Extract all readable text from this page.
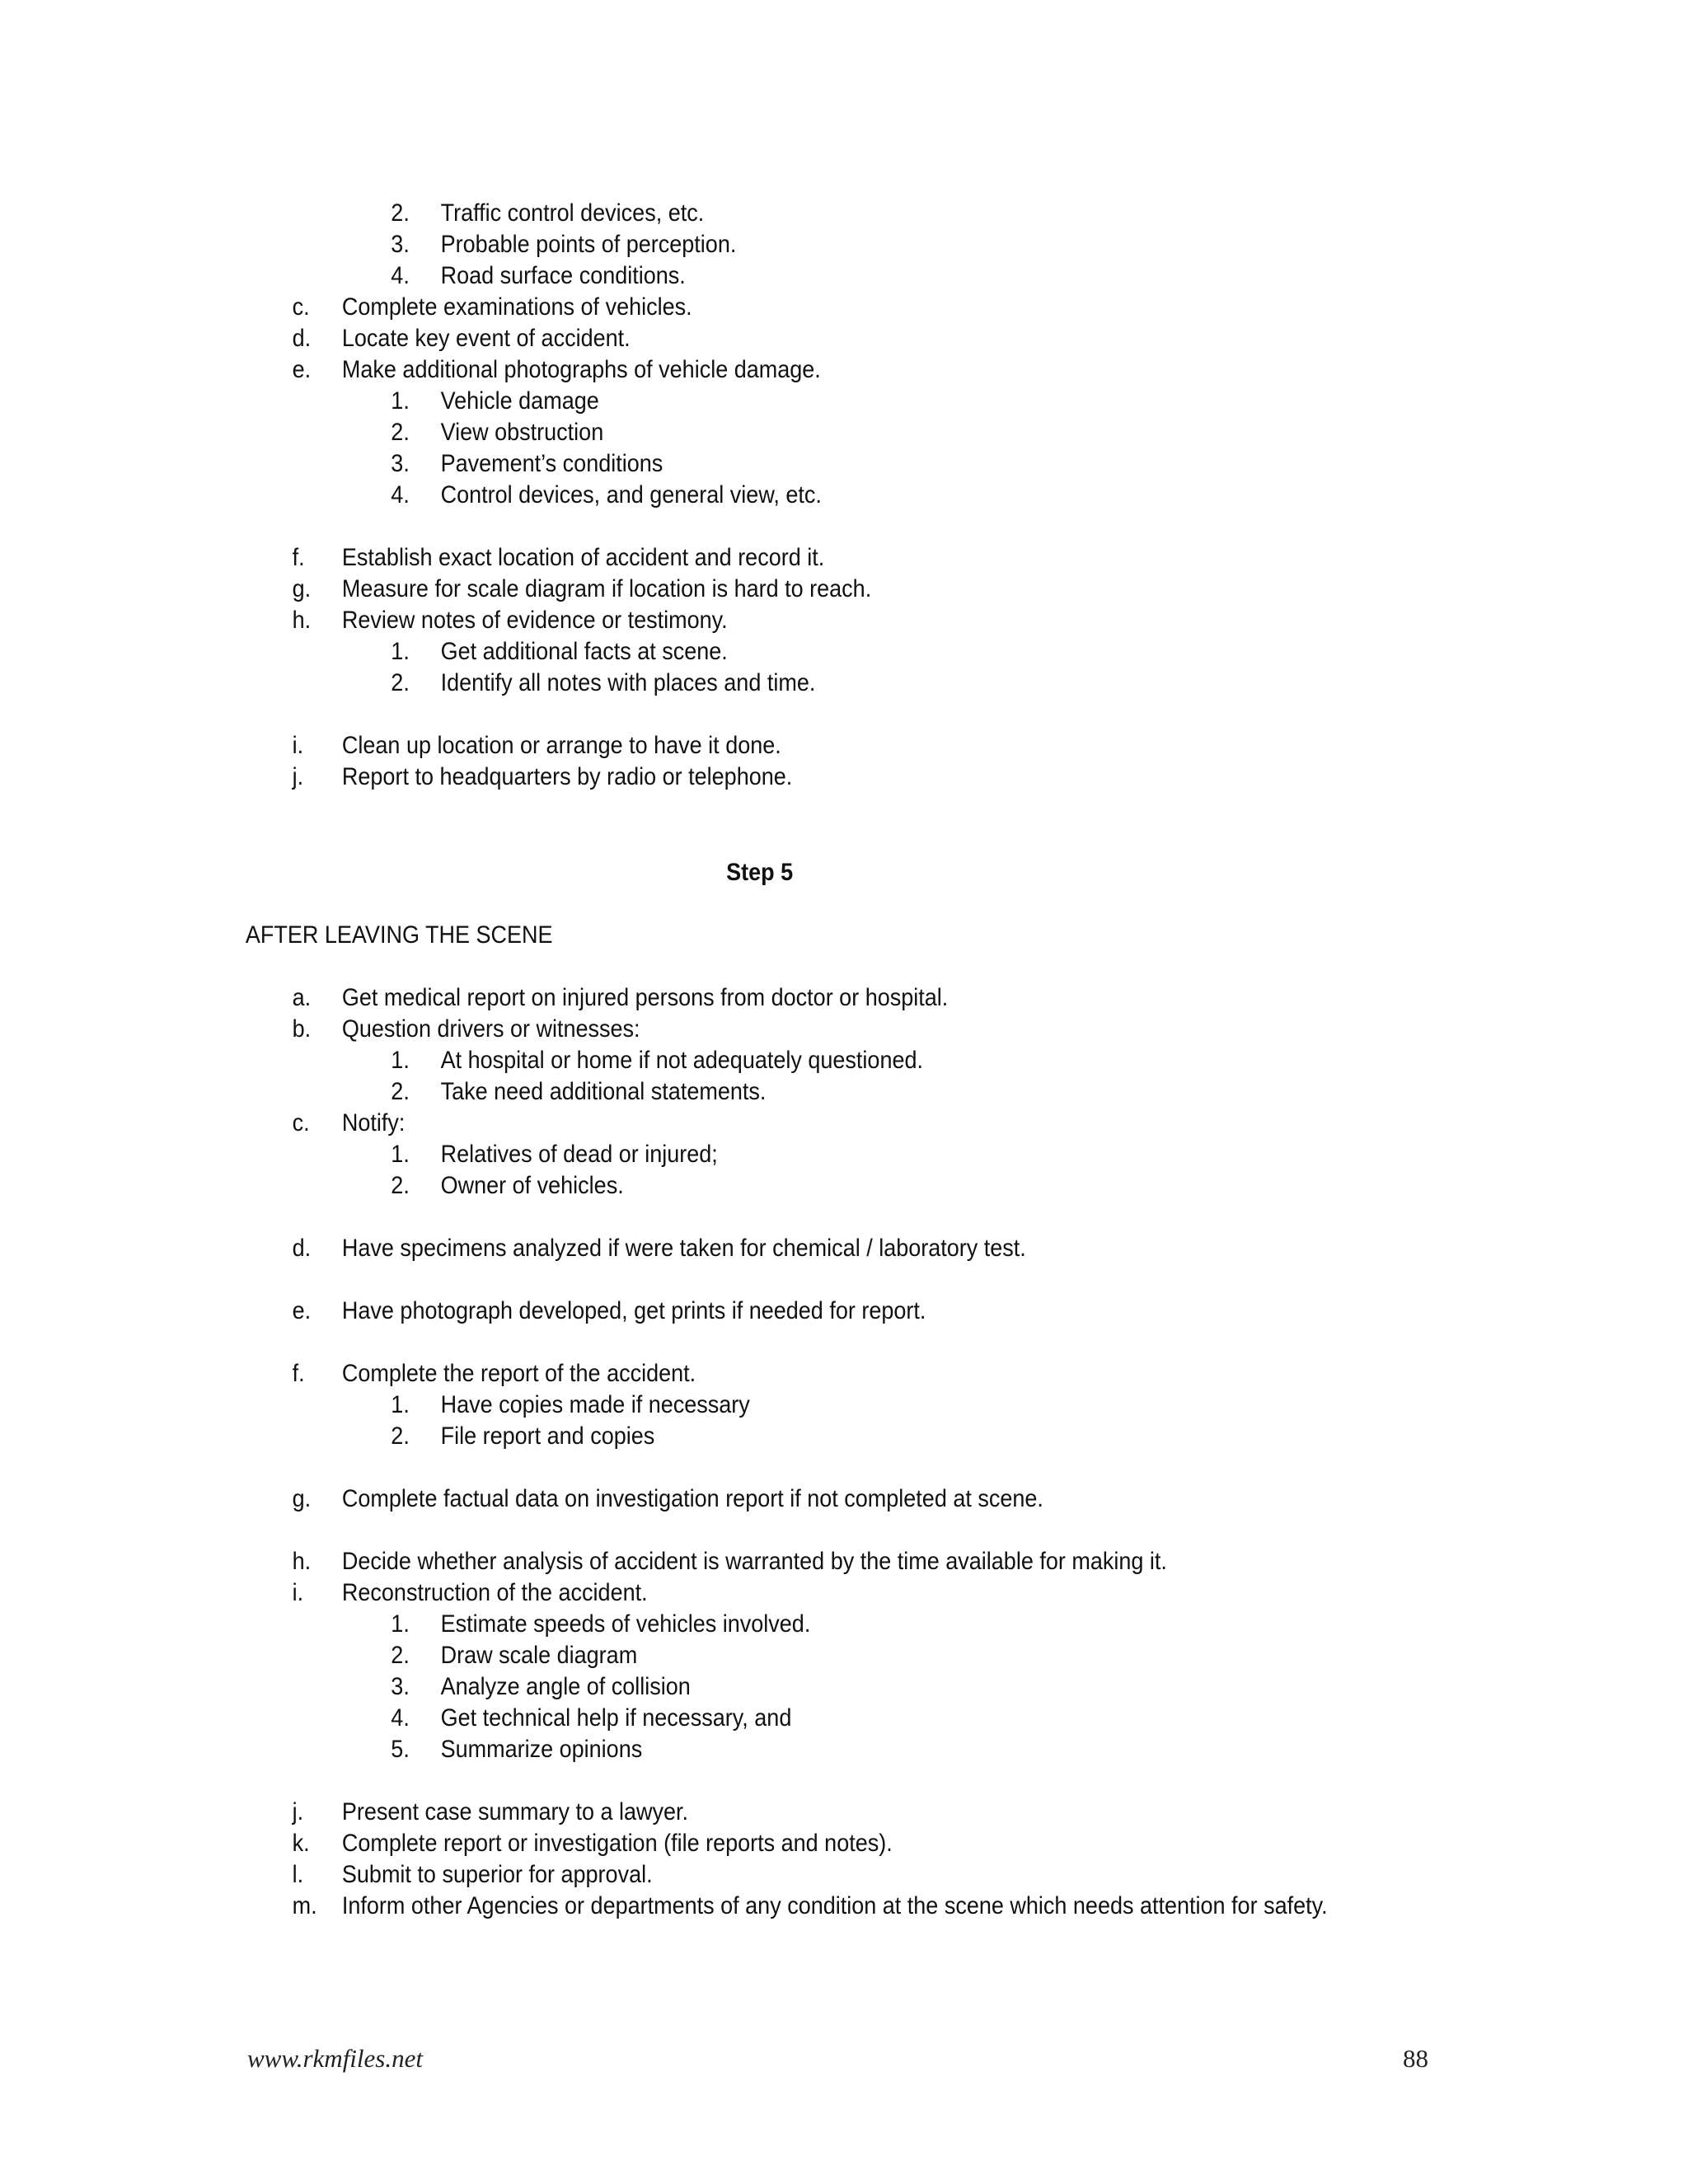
2. Traffic control devices, etc.
3. Probable points of perception.
4. Road surface conditions.
c. Complete examinations of vehicles.
d. Locate key event of accident.
e. Make additional photographs of vehicle damage.
1. Vehicle damage
2. View obstruction
3. Pavement’s conditions
4. Control devices, and general view, etc.
f. Establish exact location of accident and record it.
g. Measure for scale diagram if location is hard to reach.
h. Review notes of evidence or testimony.
1. Get additional facts at scene.
2. Identify all notes with places and time.
i. Clean up location or arrange to have it done.
j. Report to headquarters by radio or telephone.
Step 5
AFTER LEAVING THE SCENE
a. Get medical report on injured persons from doctor or hospital.
b. Question drivers or witnesses:
1. At hospital or home if not adequately questioned.
2. Take need additional statements.
c. Notify:
1. Relatives of dead or injured;
2. Owner of vehicles.
d. Have specimens analyzed if were taken for chemical / laboratory test.
e. Have photograph developed, get prints if needed for report.
f. Complete the report of the accident.
1. Have copies made if necessary
2. File report and copies
g. Complete factual data on investigation report if not completed at scene.
h. Decide whether analysis of accident is warranted by the time available for making it.
i. Reconstruction of the accident.
1. Estimate speeds of vehicles involved.
2. Draw scale diagram
3. Analyze angle of collision
4. Get technical help if necessary, and
5. Summarize opinions
j. Present case summary to a lawyer.
k. Complete report or investigation (file reports and notes).
l. Submit to superior for approval.
m. Inform other Agencies or departments of any condition at the scene which needs attention for safety.
www.rkmfiles.net	88
